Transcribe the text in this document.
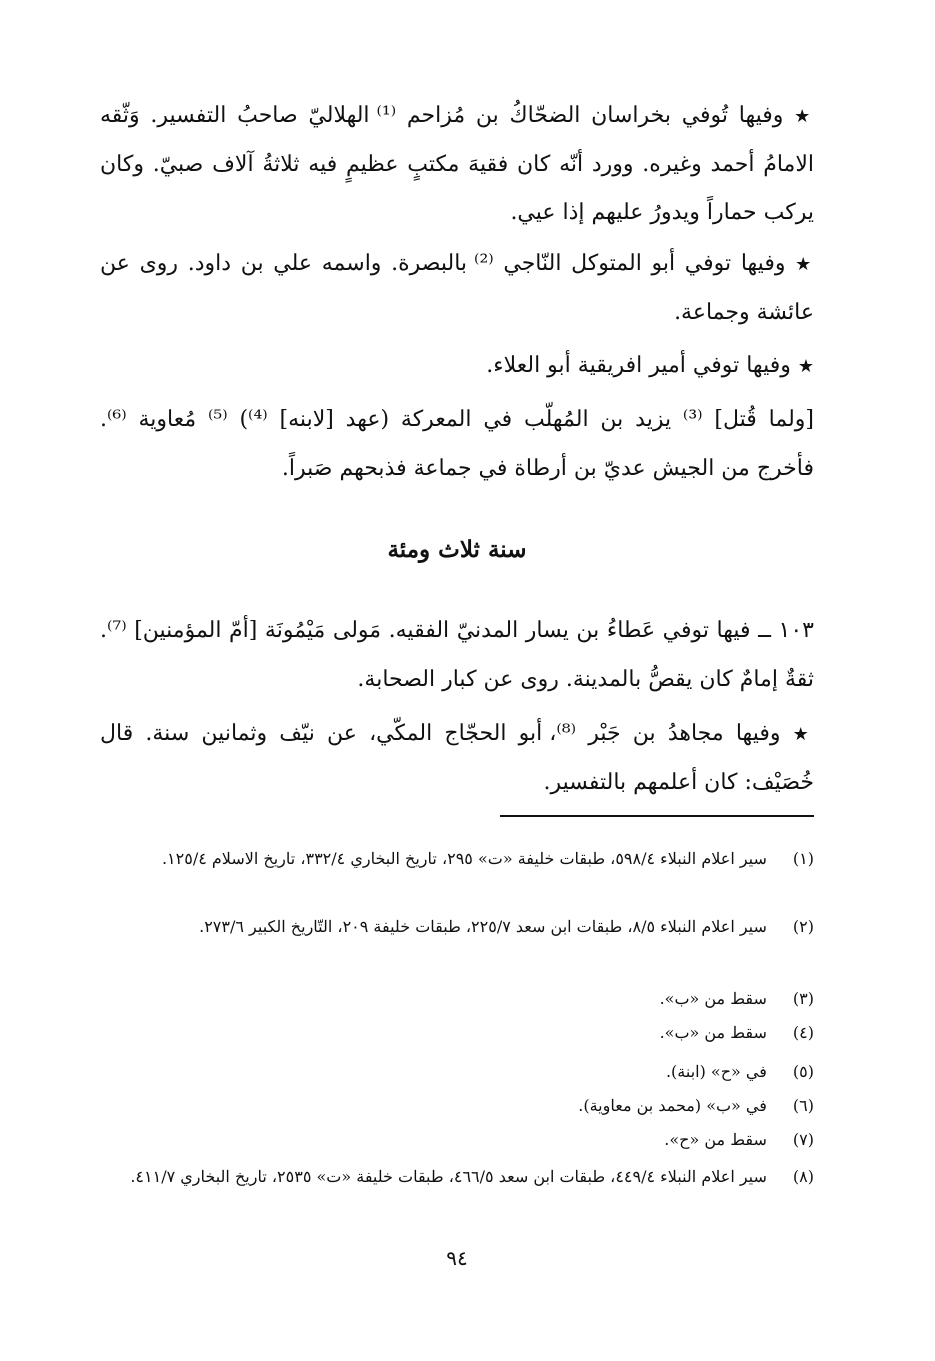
★ وفيها تُوفي بخراسان الضحّاكُ بن مُزاحم ⁽¹⁾ الهلاليّ صاحبُ التفسير. وَثّقه الامامُ أحمد وغيره. وورد أنّه كان فقيهَ مكتبٍ عظيمٍ فيه ثلاثةُ آلاف صبيّ. وكان يركب حماراً ويدورُ عليهم إذا عيي.
★ وفيها توفي أبو المتوكل النّاجي ⁽²⁾ بالبصرة. واسمه علي بن داود. روى عن عائشة وجماعة.
★ وفيها توفي أمير افريقية أبو العلاء.
[ولما قُتل] ⁽³⁾ يزيد بن المُهلّب في المعركة (عهد [لابنه] ⁽⁴⁾) ⁽⁵⁾ مُعاوية ⁽⁶⁾. فأخرج من الجيش عديّ بن أرطاة في جماعة فذبحهم صَبراً.
سنة ثلاث ومئة
١٠٣ ــ فيها توفي عَطاءُ بن يسار المدنيّ الفقيه. مَولى مَيْمُونَة [أمّ المؤمنين] ⁽⁷⁾. ثقةٌ إمامٌ كان يقصُّ بالمدينة. روى عن كبار الصحابة.
★ وفيها مجاهدُ بن جَبْر ⁽⁸⁾، أبو الحجّاج المكّي، عن نيّف وثمانين سنة. قال خُصَيْف: كان أعلمهم بالتفسير.
(١) سير اعلام النبلاء ٥٩٨/٤، طبقات خليفة «ت» ٢٩٥، تاريخ البخاري ٣٣٢/٤، تاريخ الاسلام ١٢٥/٤.
(٢) سير اعلام النبلاء ٨/٥، طبقات ابن سعد ٢٢٥/٧، طبقات خليفة ٢٠٩، التّاريخ الكبير ٢٧٣/٦.
(٣) سقط من «ب».
(٤) سقط من «ب».
(٥) في «ح» (ابنة).
(٦) في «ب» (محمد بن معاوية).
(٧) سقط من «ح».
(٨) سير اعلام النبلاء ٤٤٩/٤، طبقات ابن سعد ٤٦٦/٥، طبقات خليفة «ت» ٢٥٣٥، تاريخ البخاري ٤١١/٧.
٩٤
